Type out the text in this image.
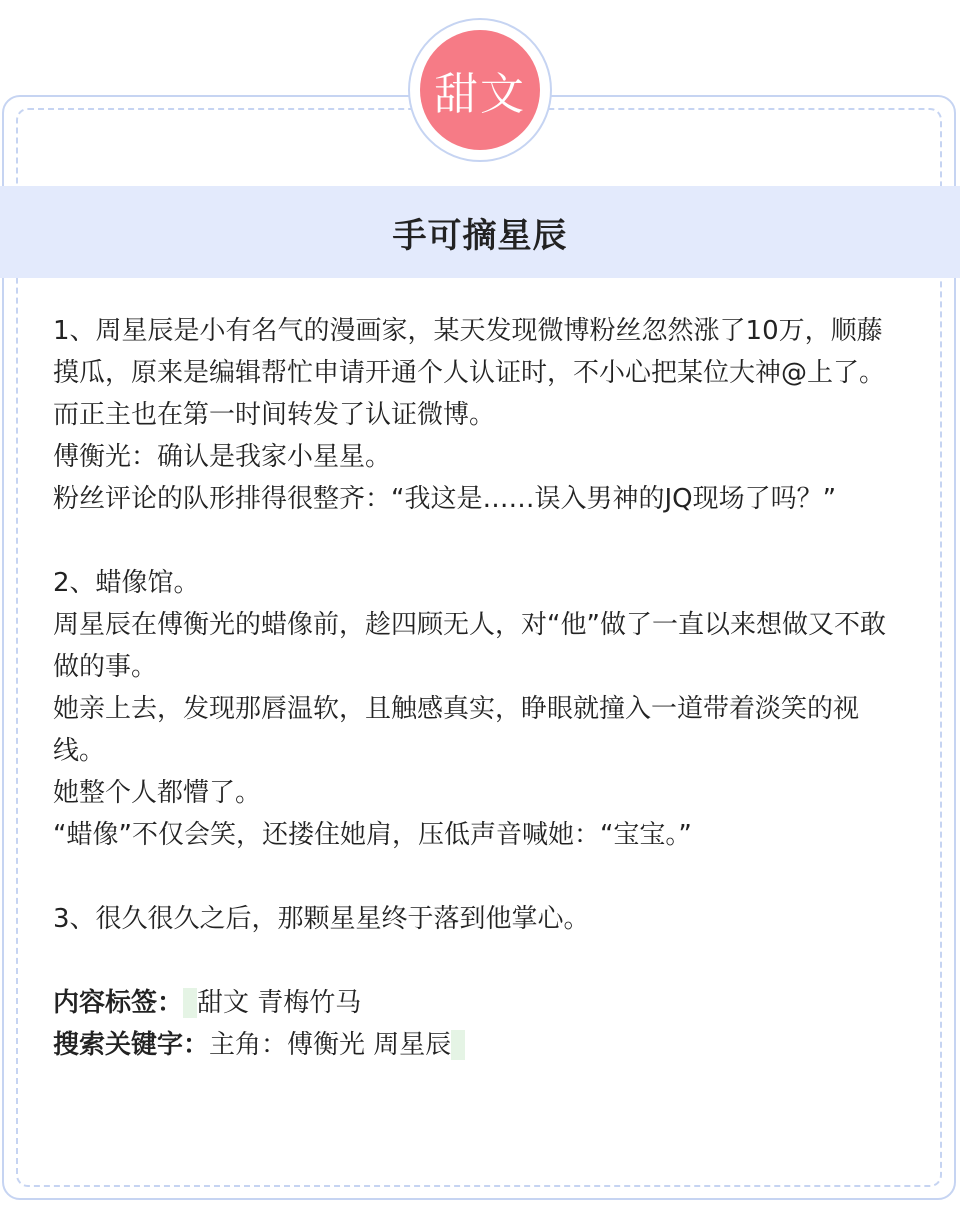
甜文
手可摘星辰

1、周星辰是小有名气的漫画家，某天发现微博粉丝忽然涨了10万，顺藤摸瓜，原来是编辑帮忙申请开通个人认证时，不小心把某位大神@上了。

而正主也在第一时间转发了认证微博。

傅衡光：确认是我家小星星。

粉丝评论的队形排得很整齐：“我这是……误入男神的JQ现场了吗？”

2、蜡像馆。

周星辰在傅衡光的蜡像前，趁四顾无人，对“他”做了一直以来想做又不敢做的事。

她亲上去，发现那唇温软，且触感真实，睁眼就撞入一道带着淡笑的视线。

她整个人都懵了。

“蜡像”不仅会笑，还搂住她肩，压低声音喊她：“宝宝。”

3、很久很久之后，那颗星星终于落到他掌心。

内容标签： 甜文 青梅竹马

搜索关键字：主角：傅衡光 周星辰
